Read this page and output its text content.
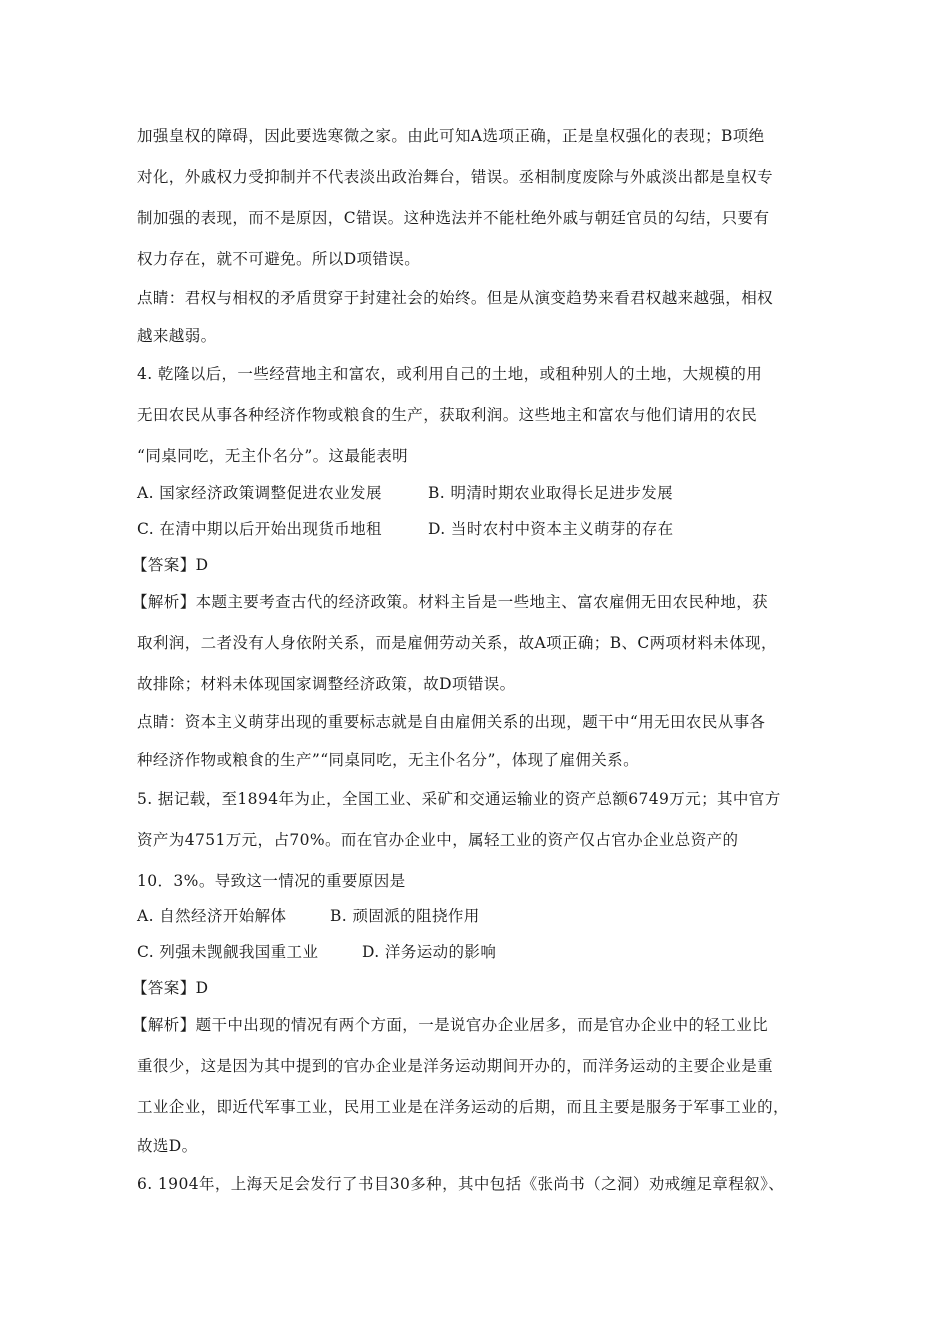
加强皇权的障碍，因此要选寒微之家。由此可知A选项正确，正是皇权强化的表现；B项绝
对化，外戚权力受抑制并不代表淡出政治舞台，错误。丞相制度废除与外戚淡出都是皇权专
制加强的表现，而不是原因，C错误。这种选法并不能杜绝外戚与朝廷官员的勾结，只要有
权力存在，就不可避免。所以D项错误。
点睛：君权与相权的矛盾贯穿于封建社会的始终。但是从演变趋势来看君权越来越强，相权
越来越弱。
4. 乾隆以后，一些经营地主和富农，或利用自己的土地，或租种别人的土地，大规模的用
无田农民从事各种经济作物或粮食的生产，获取利润。这些地主和富农与他们请用的农民
“同桌同吃，无主仆名分”。这最能表明
A. 国家经济政策调整促进农业发展	B. 明清时期农业取得长足进步发展
C. 在清中期以后开始出现货币地租	D. 当时农村中资本主义萌芽的存在
【答案】D
【解析】本题主要考查古代的经济政策。材料主旨是一些地主、富农雇佣无田农民种地，获
取利润，二者没有人身依附关系，而是雇佣劳动关系，故A项正确；B、C两项材料未体现，
故排除；材料未体现国家调整经济政策，故D项错误。
点睛：资本主义萌芽出现的重要标志就是自由雇佣关系的出现，题干中“用无田农民从事各
种经济作物或粮食的生产”“同桌同吃，无主仆名分”，体现了雇佣关系。
5. 据记载，至1894年为止，全国工业、采矿和交通运输业的资产总额6749万元；其中官方
资产为4751万元，占70%。而在官办企业中，属轻工业的资产仅占官办企业总资产的
10．3%。导致这一情况的重要原因是
A. 自然经济开始解体	B. 顽固派的阻挠作用
C. 列强未觊觎我国重工业	D. 洋务运动的影响
【答案】D
【解析】题干中出现的情况有两个方面，一是说官办企业居多，而是官办企业中的轻工业比
重很少，这是因为其中提到的官办企业是洋务运动期间开办的，而洋务运动的主要企业是重
工业企业，即近代军事工业，民用工业是在洋务运动的后期，而且主要是服务于军事工业的，
故选D。
6. 1904年，上海天足会发行了书目30多种，其中包括《张尚书（之洞）劝戒缠足章程叙》、
